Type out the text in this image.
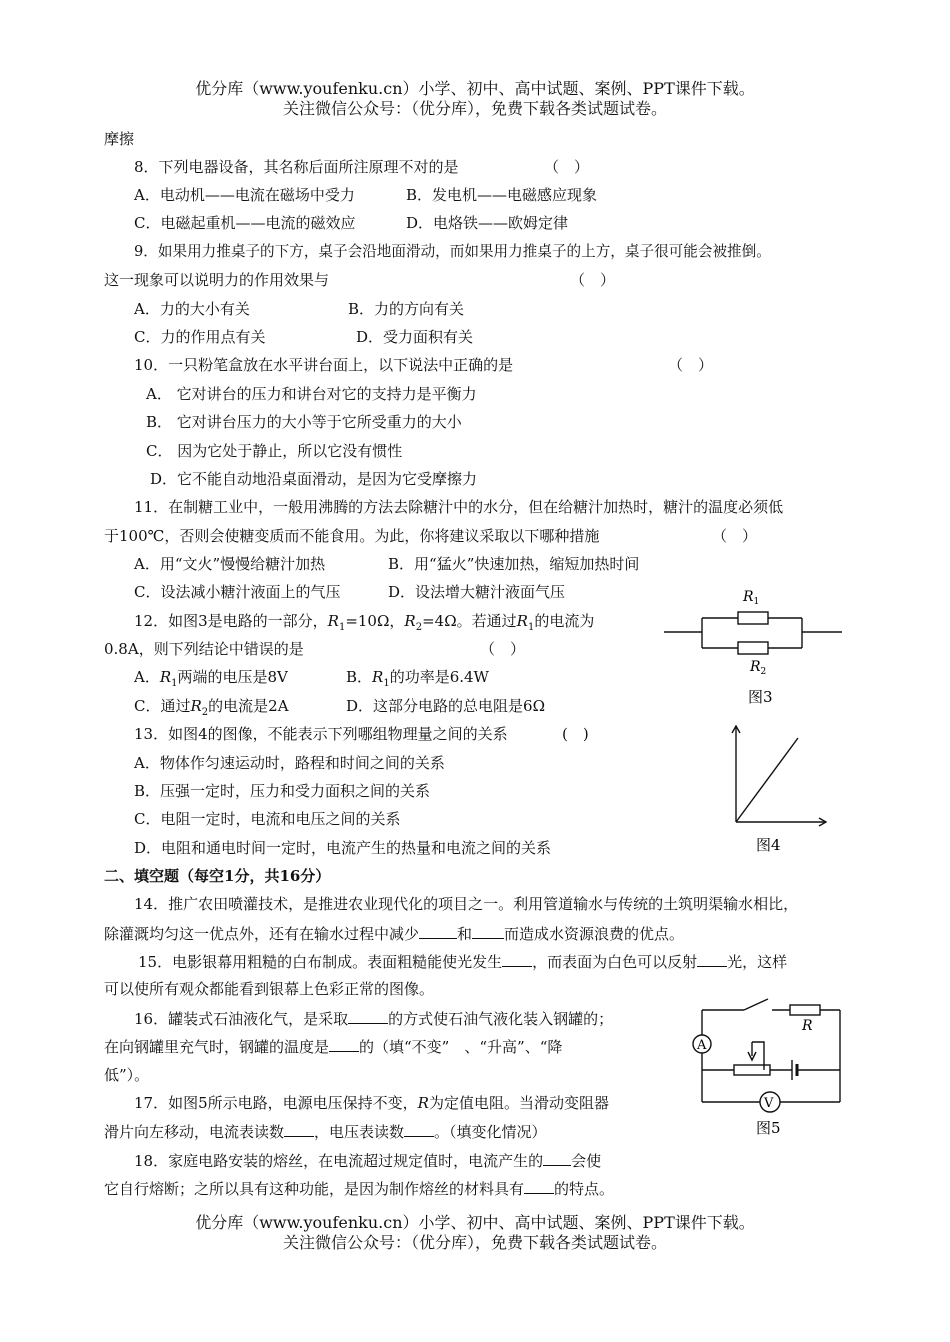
优分库（www.youfenku.cn）小学、初中、高中试题、案例、PPT课件下载。
关注微信公众号：（优分库），免费下载各类试题试卷。
摩擦
8．下列电器设备，其名称后面所注原理不对的是	（　）
A．电动机——电流在磁场中受力	B．发电机——电磁感应现象
C．电磁起重机——电流的磁效应	D．电烙铁——欧姆定律
9．如果用力推桌子的下方，桌子会沿地面滑动，而如果用力推桌子的上方，桌子很可能会被推倒。
这一现象可以说明力的作用效果与	（　）
A．力的大小有关	B．力的方向有关
C．力的作用点有关	D．受力面积有关
10．一只粉笔盒放在水平讲台面上，以下说法中正确的是	（　）
A． 它对讲台的压力和讲台对它的支持力是平衡力
B． 它对讲台压力的大小等于它所受重力的大小
C． 因为它处于静止，所以它没有惯性
D．它不能自动地沿桌面滑动，是因为它受摩擦力
11．在制糖工业中，一般用沸腾的方法去除糖汁中的水分，但在给糖汁加热时，糖汁的温度必须低
于100℃，否则会使糖变质而不能食用。为此，你将建议采取以下哪种措施	（　）
A．用“文火”慢慢给糖汁加热	B．用“猛火”快速加热，缩短加热时间
C．设法减小糖汁液面上的气压	D．设法增大糖汁液面气压
12．如图3是电路的一部分，$R_1=10\Omega$，$R_2=4\Omega$。若通过$R_1$的电流为
0.8A，则下列结论中错误的是	（　）
A．$R_1$两端的电压是8V	B．$R_1$的功率是6.4W
C．通过$R_2$的电流是2A	D．这部分电路的总电阻是6Ω
13．如图4的图像，不能表示下列哪组物理量之间的关系	(　)
A．物体作匀速运动时，路程和时间之间的关系
B．压强一定时，压力和受力面积之间的关系
C．电阻一定时，电流和电压之间的关系
D．电阻和通电时间一定时，电流产生的热量和电流之间的关系
二、填空题（每空1分，共16分）
14．推广农田喷灌技术，是推进农业现代化的项目之一。利用管道输水与传统的土筑明渠输水相比，
除灌溉均匀这一优点外，还有在输水过程中减少	和 而造成水资源浪费的优点。
15．电影银幕用粗糙的白布制成。表面粗糙能使光发生 ，而表面为白色可以反射 光，这样
可以使所有观众都能看到银幕上色彩正常的图像。
16．罐装式石油液化气，是采取	的方式使石油气液化装入钢罐的；
在向钢罐里充气时，钢罐的温度是 的（填“不变”　、“升高”、“降
低”）。
17．如图5所示电路，电源电压保持不变，R为定值电阻。当滑动变阻器
滑片向左移动，电流表读数 ，电压表读数 。（填变化情况）
18．家庭电路安装的熔丝，在电流超过规定值时，电流产生的 会使
它自行熔断；之所以具有这种功能，是因为制作熔丝的材料具有 的特点。
$R_1$
$R_2$
图3
图4
R
A
V
图5
优分库（www.youfenku.cn）小学、初中、高中试题、案例、PPT课件下载。
关注微信公众号：（优分库），免费下载各类试题试卷。
